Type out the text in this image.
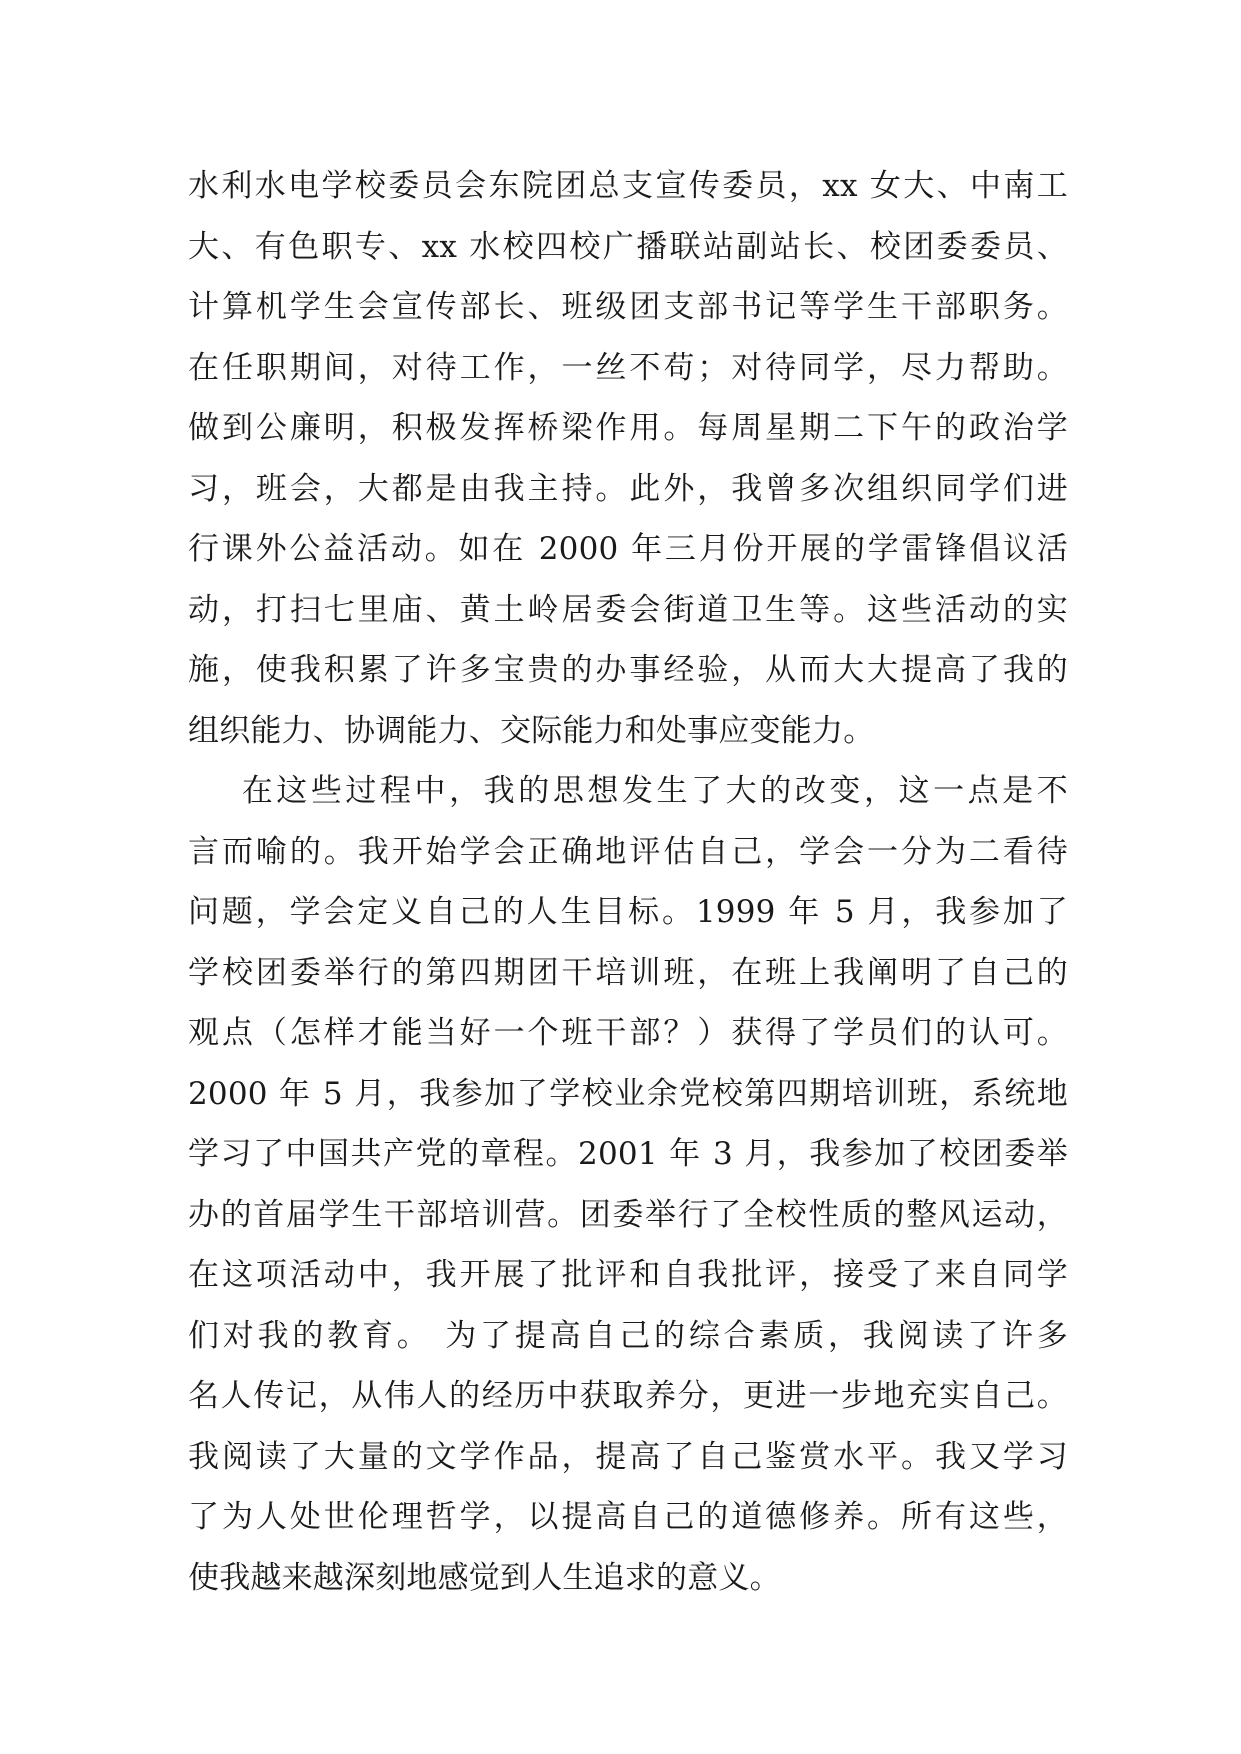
水利水电学校委员会东院团总支宣传委员，xx 女大、中南工
大、有色职专、xx 水校四校广播联站副站长、校团委委员、
计算机学生会宣传部长、班级团支部书记等学生干部职务。
在任职期间，对待工作，一丝不苟；对待同学，尽力帮助。
做到公廉明，积极发挥桥梁作用。每周星期二下午的政治学
习，班会，大都是由我主持。此外，我曾多次组织同学们进
行课外公益活动。如在 2000 年三月份开展的学雷锋倡议活
动，打扫七里庙、黄土岭居委会街道卫生等。这些活动的实
施，使我积累了许多宝贵的办事经验，从而大大提高了我的
组织能力、协调能力、交际能力和处事应变能力。
在这些过程中，我的思想发生了大的改变，这一点是不
言而喻的。我开始学会正确地评估自己，学会一分为二看待
问题，学会定义自己的人生目标。1999 年 5 月，我参加了
学校团委举行的第四期团干培训班，在班上我阐明了自己的
观点（怎样才能当好一个班干部？）获得了学员们的认可。
2000 年 5 月，我参加了学校业余党校第四期培训班，系统地
学习了中国共产党的章程。2001 年 3 月，我参加了校团委举
办的首届学生干部培训营。团委举行了全校性质的整风运动，
在这项活动中，我开展了批评和自我批评，接受了来自同学
们对我的教育。 为了提高自己的综合素质，我阅读了许多
名人传记，从伟人的经历中获取养分，更进一步地充实自己。
我阅读了大量的文学作品，提高了自己鉴赏水平。我又学习
了为人处世伦理哲学，以提高自己的道德修养。所有这些，
使我越来越深刻地感觉到人生追求的意义。
